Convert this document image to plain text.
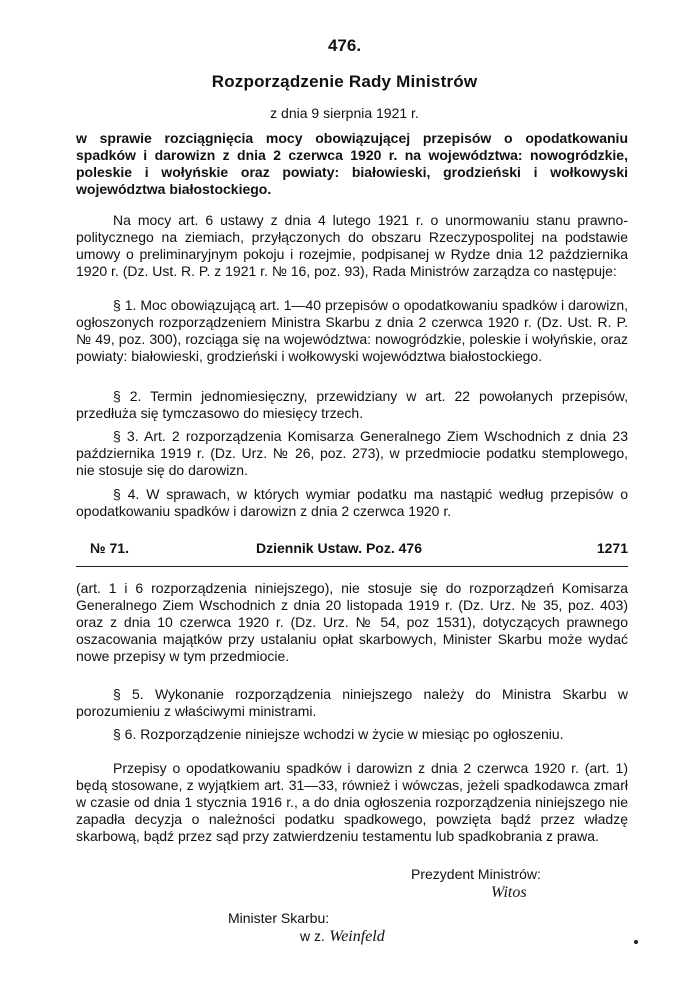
476.
Rozporządzenie Rady Ministrów
z dnia 9 sierpnia 1921 r.
w sprawie rozciągnięcia mocy obowiązującej przepisów o opodatkowaniu spadków i darowizn z dnia 2 czerwca 1920 r. na województwa: nowogródzkie, poleskie i wołyńskie oraz powiaty: białowieski, grodzieński i wołkowyski województwa białostockiego.
Na mocy art. 6 ustawy z dnia 4 lutego 1921 r. o unormowaniu stanu prawno-politycznego na ziemiach, przyłączonych do obszaru Rzeczypospolitej na podstawie umowy o preliminaryjnym pokoju i rozejmie, podpisanej w Rydze dnia 12 października 1920 r. (Dz. Ust. R. P. z 1921 r. № 16, poz. 93), Rada Ministrów zarządza co następuje:
§ 1. Moc obowiązującą art. 1—40 przepisów o opodatkowaniu spadków i darowizn, ogłoszonych rozporządzeniem Ministra Skarbu z dnia 2 czerwca 1920 r. (Dz. Ust. R. P. № 49, poz. 300), rozciąga się na województwa: nowogródzkie, poleskie i wołyńskie, oraz powiaty: białowieski, grodzieński i wołkowyski województwa białostockiego.
§ 2. Termin jednomiesięczny, przewidziany w art. 22 powołanych przepisów, przedłuża się tymczasowo do miesięcy trzech.
§ 3. Art. 2 rozporządzenia Komisarza Generalnego Ziem Wschodnich z dnia 23 października 1919 r. (Dz. Urz. № 26, poz. 273), w przedmiocie podatku stemplowego, nie stosuje się do darowizn.
§ 4. W sprawach, w których wymiar podatku ma nastąpić według przepisów o opodatkowaniu spadków i darowizn z dnia 2 czerwca 1920 r.
№ 71.	Dziennik Ustaw. Poz. 476	1271
(art. 1 i 6 rozporządzenia niniejszego), nie stosuje się do rozporządzeń Komisarza Generalnego Ziem Wschodnich z dnia 20 listopada 1919 r. (Dz. Urz. № 35, poz. 403) oraz z dnia 10 czerwca 1920 r. (Dz. Urz. № 54, poz 1531), dotyczących prawnego oszacowania majątków przy ustalaniu opłat skarbowych, Minister Skarbu może wydać nowe przepisy w tym przedmiocie.
§ 5. Wykonanie rozporządzenia niniejszego należy do Ministra Skarbu w porozumieniu z właściwymi ministrami.
§ 6. Rozporządzenie niniejsze wchodzi w życie w miesiąc po ogłoszeniu.
Przepisy o opodatkowaniu spadków i darowizn z dnia 2 czerwca 1920 r. (art. 1) będą stosowane, z wyjątkiem art. 31—33, również i wówczas, jeżeli spadkodawca zmarł w czasie od dnia 1 stycznia 1916 r., a do dnia ogłoszenia rozporządzenia niniejszego nie zapadła decyzja o należności podatku spadkowego, powzięta bądź przez władzę skarbową, bądź przez sąd przy zatwierdzeniu testamentu lub spadkobrania z prawa.
Prezydent Ministrów:
Witos
Minister Skarbu:
w z. Weinfeld
